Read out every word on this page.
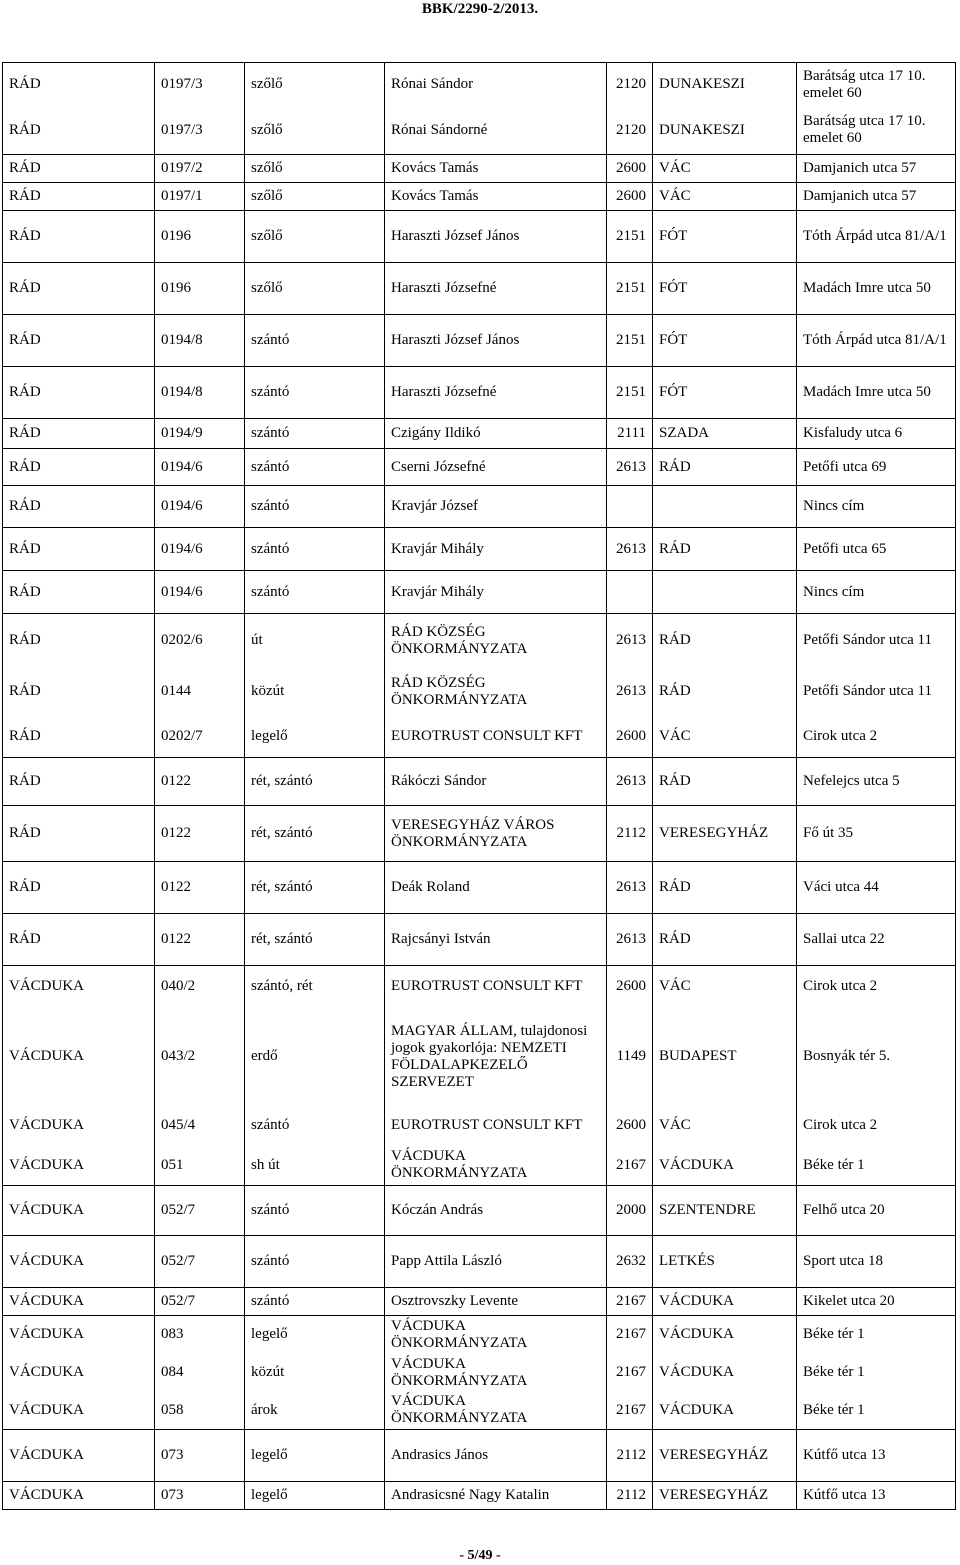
BBK/2290-2/2013.
RÁD	0197/3	szőlő	Rónai Sándor	2120	DUNAKESZI	Barátság utca 17 10. emelet 60
RÁD	0197/3	szőlő	Rónai Sándorné	2120	DUNAKESZI	Barátság utca 17 10. emelet 60
RÁD	0197/2	szőlő	Kovács Tamás	2600	VÁC	Damjanich utca 57
RÁD	0197/1	szőlő	Kovács Tamás	2600	VÁC	Damjanich utca 57
RÁD	0196	szőlő	Haraszti József János	2151	FÓT	Tóth Árpád utca 81/A/1
RÁD	0196	szőlő	Haraszti Józsefné	2151	FÓT	Madách Imre utca 50
RÁD	0194/8	szántó	Haraszti József János	2151	FÓT	Tóth Árpád utca 81/A/1
RÁD	0194/8	szántó	Haraszti Józsefné	2151	FÓT	Madách Imre utca 50
RÁD	0194/9	szántó	Czigány Ildikó	2111	SZADA	Kisfaludy utca 6
RÁD	0194/6	szántó	Cserni Józsefné	2613	RÁD	Petőfi utca 69
RÁD	0194/6	szántó	Kravjár József			Nincs cím
RÁD	0194/6	szántó	Kravjár Mihály	2613	RÁD	Petőfi utca 65
RÁD	0194/6	szántó	Kravjár Mihály			Nincs cím
RÁD	0202/6	út	RÁD KÖZSÉG ÖNKORMÁNYZATA	2613	RÁD	Petőfi Sándor utca 11
RÁD	0144	közút	RÁD KÖZSÉG ÖNKORMÁNYZATA	2613	RÁD	Petőfi Sándor utca 11
RÁD	0202/7	legelő	EUROTRUST CONSULT KFT	2600	VÁC	Cirok utca 2
RÁD	0122	rét, szántó	Rákóczi Sándor	2613	RÁD	Nefelejcs utca 5
RÁD	0122	rét, szántó	VERESEGYHÁZ VÁROS ÖNKORMÁNYZATA	2112	VERESEGYHÁZ	Fő út 35
RÁD	0122	rét, szántó	Deák Roland	2613	RÁD	Váci utca 44
RÁD	0122	rét, szántó	Rajcsányi István	2613	RÁD	Sallai utca 22
VÁCDUKA	040/2	szántó, rét	EUROTRUST CONSULT KFT	2600	VÁC	Cirok utca 2
VÁCDUKA	043/2	erdő	MAGYAR ÁLLAM, tulajdonosi jogok gyakorlója: NEMZETI FÖLDALAPKEZELŐ SZERVEZET	1149	BUDAPEST	Bosnyák tér 5.
VÁCDUKA	045/4	szántó	EUROTRUST CONSULT KFT	2600	VÁC	Cirok utca 2
VÁCDUKA	051	sh út	VÁCDUKA ÖNKORMÁNYZATA	2167	VÁCDUKA	Béke tér 1
VÁCDUKA	052/7	szántó	Kóczán András	2000	SZENTENDRE	Felhő utca 20
VÁCDUKA	052/7	szántó	Papp Attila László	2632	LETKÉS	Sport utca 18
VÁCDUKA	052/7	szántó	Osztrovszky Levente	2167	VÁCDUKA	Kikelet utca 20
VÁCDUKA	083	legelő	VÁCDUKA ÖNKORMÁNYZATA	2167	VÁCDUKA	Béke tér 1
VÁCDUKA	084	közút	VÁCDUKA ÖNKORMÁNYZATA	2167	VÁCDUKA	Béke tér 1
VÁCDUKA	058	árok	VÁCDUKA ÖNKORMÁNYZATA	2167	VÁCDUKA	Béke tér 1
VÁCDUKA	073	legelő	Andrasics János	2112	VERESEGYHÁZ	Kútfő utca 13
VÁCDUKA	073	legelő	Andrasicsné Nagy Katalin	2112	VERESEGYHÁZ	Kútfő utca 13
- 5/49 -
